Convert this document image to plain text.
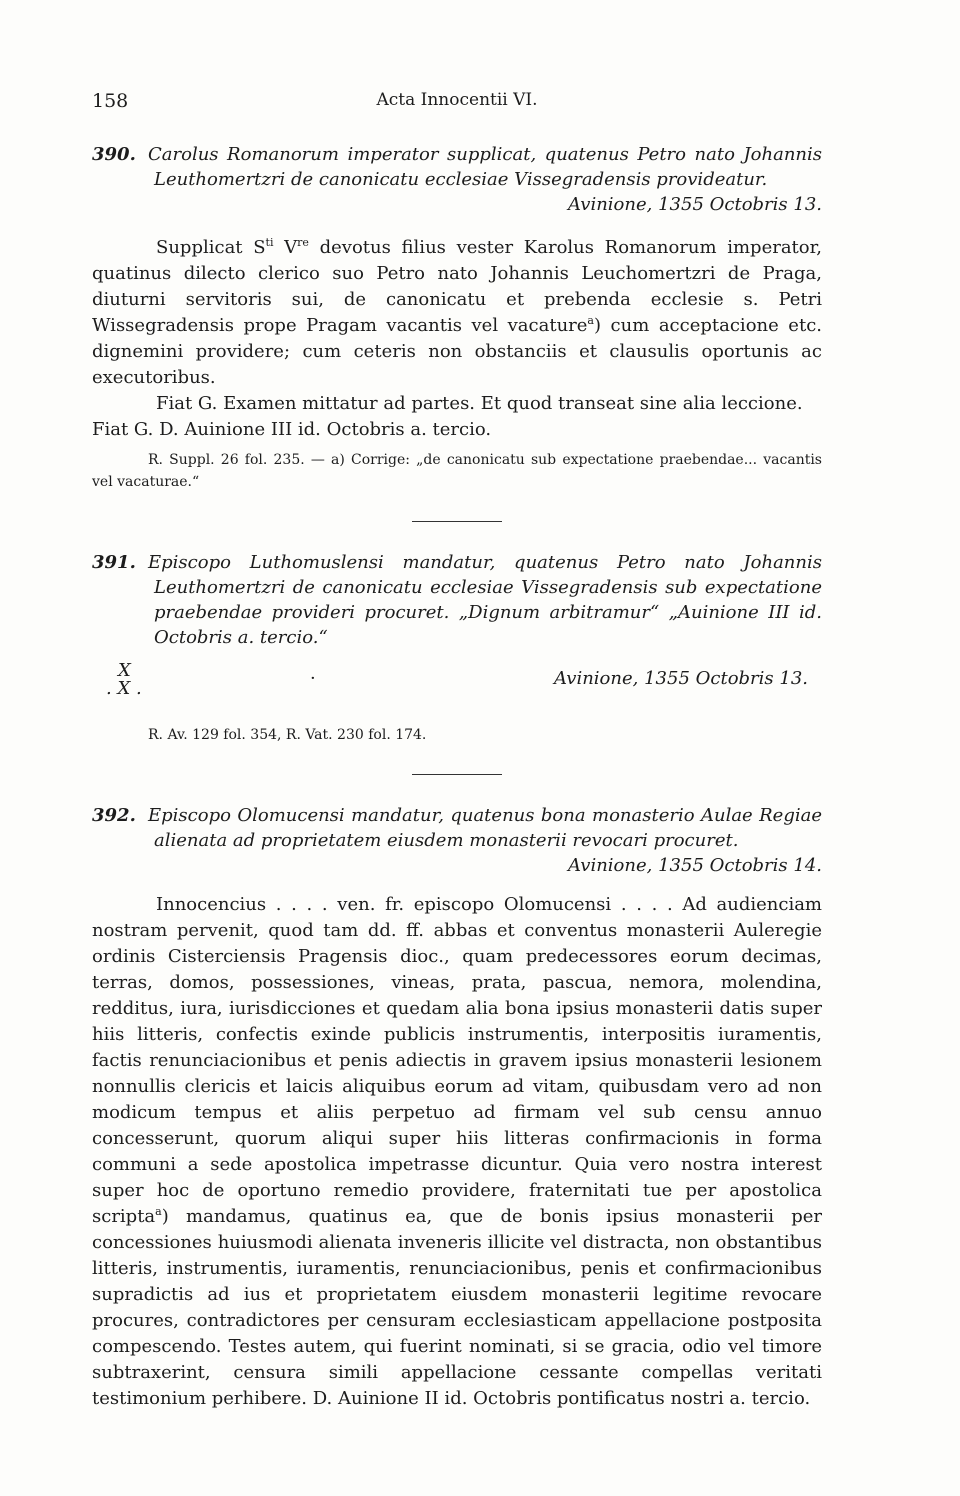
158	Acta Innocentii VI.

390. Carolus Romanorum imperator supplicat, quatenus Petro nato Johannis Leuthomertzri de canonicatu ecclesiae Vissegradensis provideatur.

Avinione, 1355 Octobris 13.

Supplicat $S^{ti}$ Vre devotus filius vester Karolus Romanorum imperator, quatinus dilecto clerico suo Petro nato Johannis Leuchomertzri de Praga, diuturni servitoris sui, de canonicatu et prebenda ecclesie s. Petri Wissegradensis prope Pragam vacantis vel vacature$^a$) cum acceptacione etc. dignemini providere; cum ceteris non obstanciis et clausulis oportunis ac executoribus.

Fiat G. Examen mittatur ad partes. Et quod transeat sine alia leccione.

Fiat G. D. Auinione III id. Octobris a. tercio.

R. Suppl. 26 fol. 235. — a) Corrige: „de canonicatu sub expectatione praebendae... vacantis vel vacaturae.“

391. Episcopo Luthomuslensi mandatur, quatenus Petro nato Johannis Leuthomertzri de canonicatu ecclesiae Vissegradensis sub expectatione praebendae provideri procuret. „Dignum arbitramur“ „Auinione III id. Octobris a. tercio.“

X
. X .	·	Avinione, 1355 Octobris 13.

R. Av. 129 fol. 354, R. Vat. 230 fol. 174.

392. Episcopo Olomucensi mandatur, quatenus bona monasterio Aulae Regiae alienata ad proprietatem eiusdem monasterii revocari procuret.

Avinione, 1355 Octobris 14.

Innocencius . . . . ven. fr. episcopo Olomucensi . . . . Ad audienciam nostram pervenit, quod tam dd. ff. abbas et conventus monasterii Auleregie ordinis Cisterciensis Pragensis dioc., quam predecessores eorum decimas, terras, domos, possessiones, vineas, prata, pascua, nemora, molendina, redditus, iura, iurisdicciones et quedam alia bona ipsius monasterii datis super hiis litteris, confectis exinde publicis instrumentis, interpositis iuramentis, factis renunciacionibus et penis adiectis in gravem ipsius monasterii lesionem nonnullis clericis et laicis aliquibus eorum ad vitam, quibusdam vero ad non modicum tempus et aliis perpetuo ad firmam vel sub censu annuo concesserunt, quorum aliqui super hiis litteras confirmacionis in forma communi a sede apostolica impetrasse dicuntur. Quia vero nostra interest super hoc de oportuno remedio providere, fraternitati tue per apostolica scripta$^a$) mandamus, quatinus ea, que de bonis ipsius monasterii per concessiones huiusmodi alienata inveneris illicite vel distracta, non obstantibus litteris, instrumentis, iuramentis, renunciacionibus, penis et confirmacionibus supradictis ad ius et proprietatem eiusdem monasterii legitime revocare procures, contradictores per censuram ecclesiasticam appellacione postposita compescendo. Testes autem, qui fuerint nominati, si se gracia, odio vel timore subtraxerint, censura simili appellacione cessante compellas veritati testimonium perhibere. D. Auinione II id. Octobris pontificatus nostri a. tercio.
